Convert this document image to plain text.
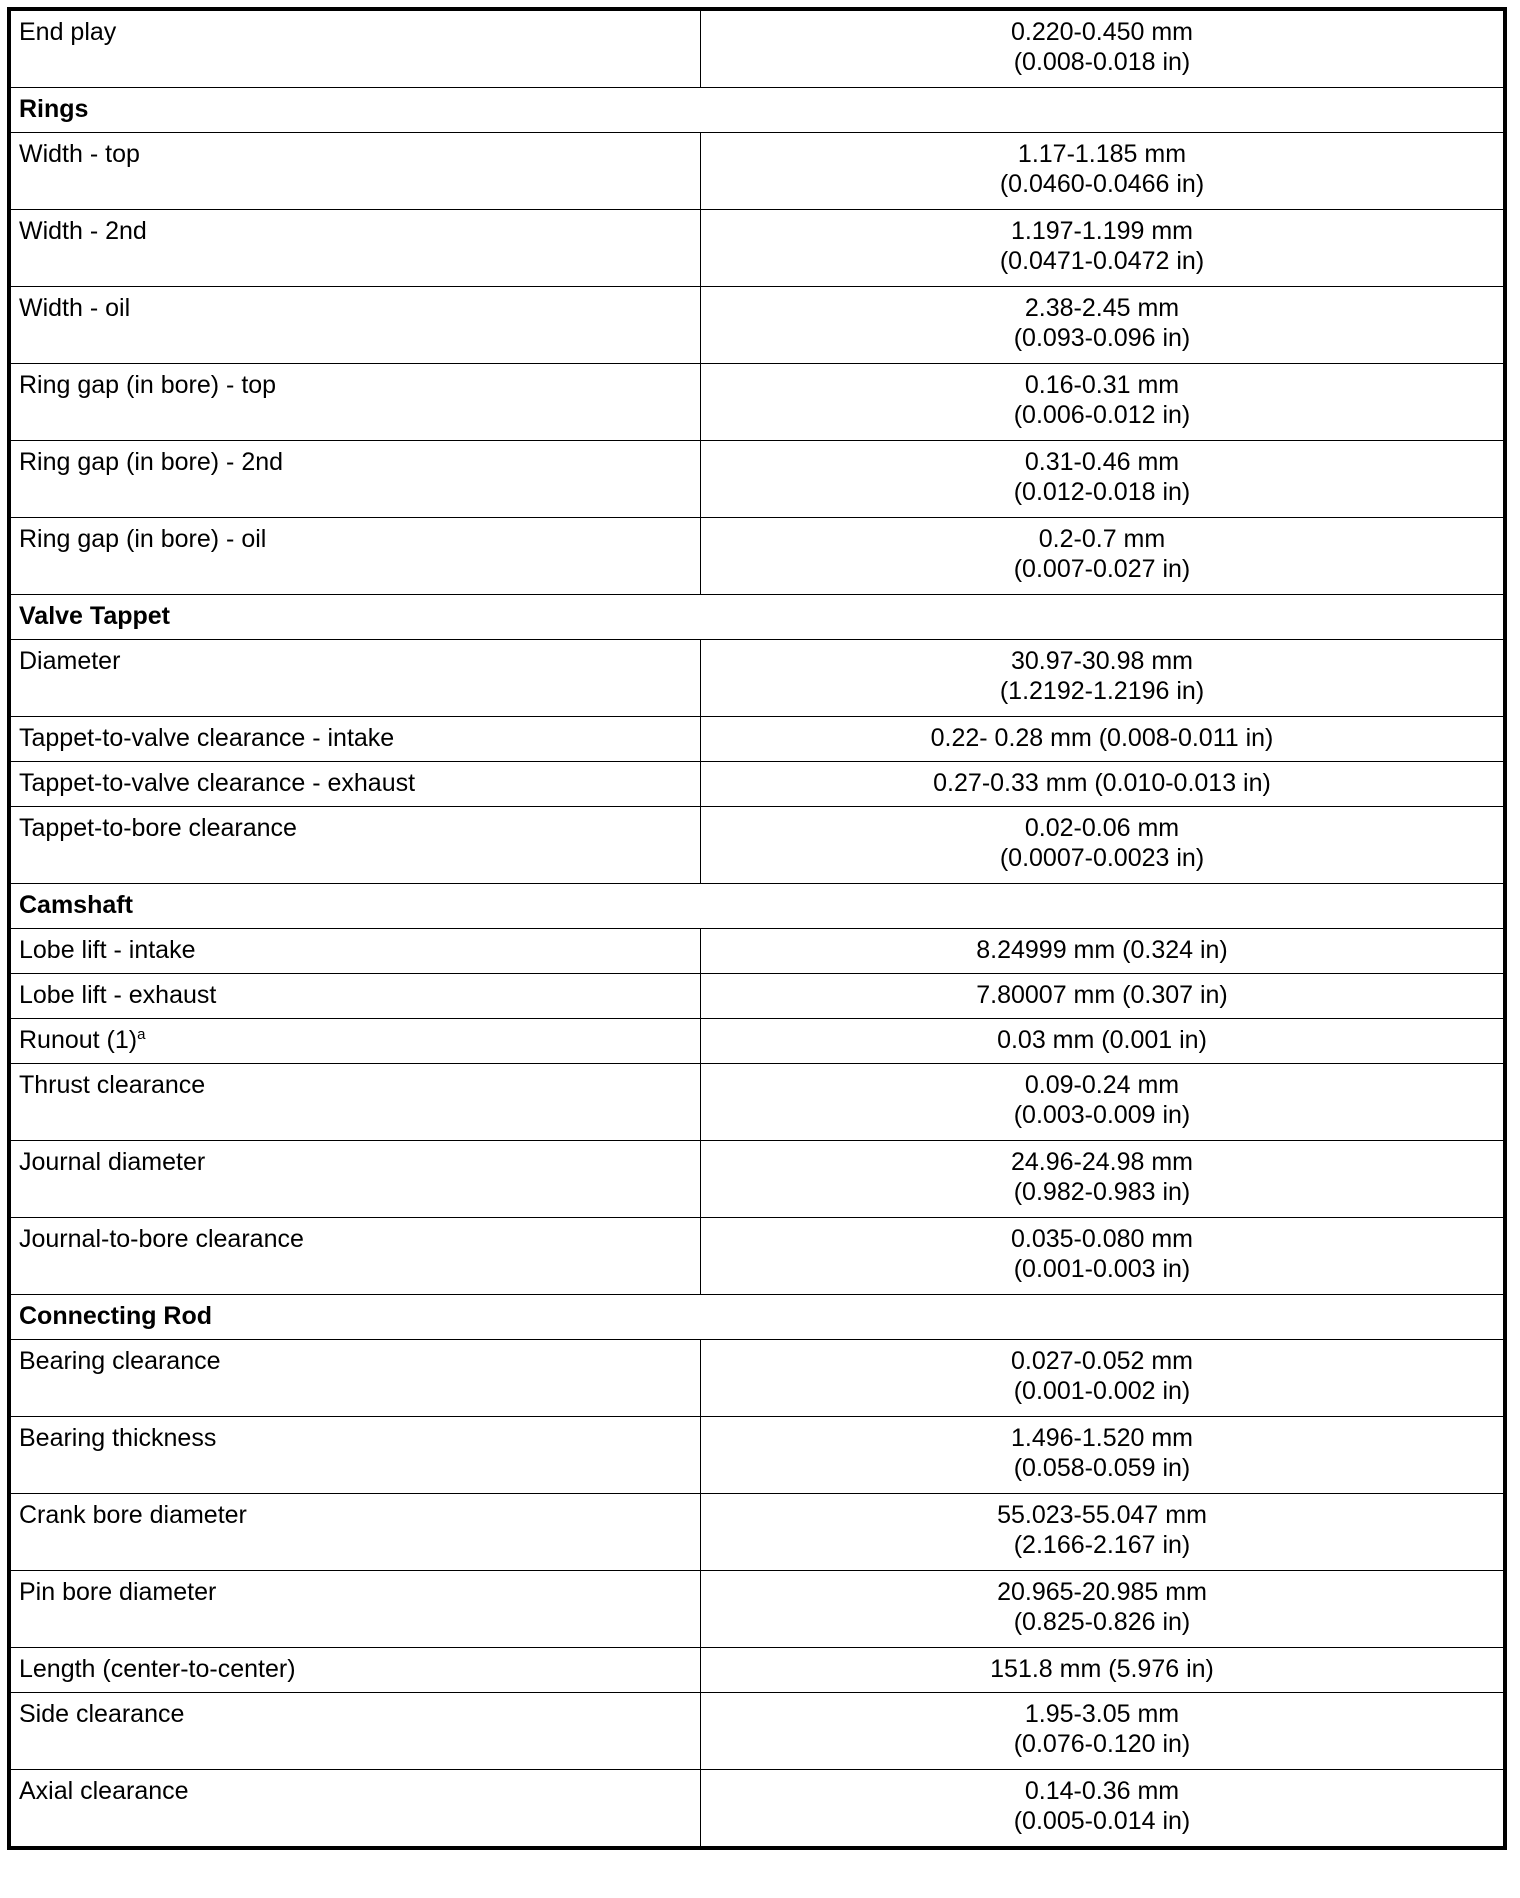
End play	0.220-0.450 mm
(0.008-0.018 in)

Rings	
Width - top	1.17-1.185 mm
(0.0460-0.0466 in)

Width - 2nd	1.197-1.199 mm
(0.0471-0.0472 in)

Width - oil	2.38-2.45 mm
(0.093-0.096 in)

Ring gap (in bore) - top	0.16-0.31 mm
(0.006-0.012 in)

Ring gap (in bore) - 2nd	0.31-0.46 mm
(0.012-0.018 in)

Ring gap (in bore) - oil	0.2-0.7 mm
(0.007-0.027 in)

Valve Tappet	
Diameter	30.97-30.98 mm
(1.2192-1.2196 in)

Tappet-to-valve clearance - intake	0.22- 0.28 mm (0.008-0.011 in)

Tappet-to-valve clearance - exhaust	0.27-0.33 mm (0.010-0.013 in)

Tappet-to-bore clearance	0.02-0.06 mm
(0.0007-0.0023 in)

Camshaft	
Lobe lift - intake	8.24999 mm (0.324 in)

Lobe lift - exhaust	7.80007 mm (0.307 in)

Runout $(1)^a$	0.03 mm (0.001 in)

Thrust clearance	0.09-0.24 mm
(0.003-0.009 in)

Journal diameter	24.96-24.98 mm
(0.982-0.983 in)

Journal-to-bore clearance	0.035-0.080 mm
(0.001-0.003 in)

Connecting Rod	
Bearing clearance	0.027-0.052 mm
(0.001-0.002 in)

Bearing thickness	1.496-1.520 mm
(0.058-0.059 in)

Crank bore diameter	55.023-55.047 mm
(2.166-2.167 in)

Pin bore diameter	20.965-20.985 mm
(0.825-0.826 in)

Length (center-to-center)	151.8 mm (5.976 in)

Side clearance	1.95-3.05 mm
(0.076-0.120 in)

Axial clearance	0.14-0.36 mm
(0.005-0.014 in)
